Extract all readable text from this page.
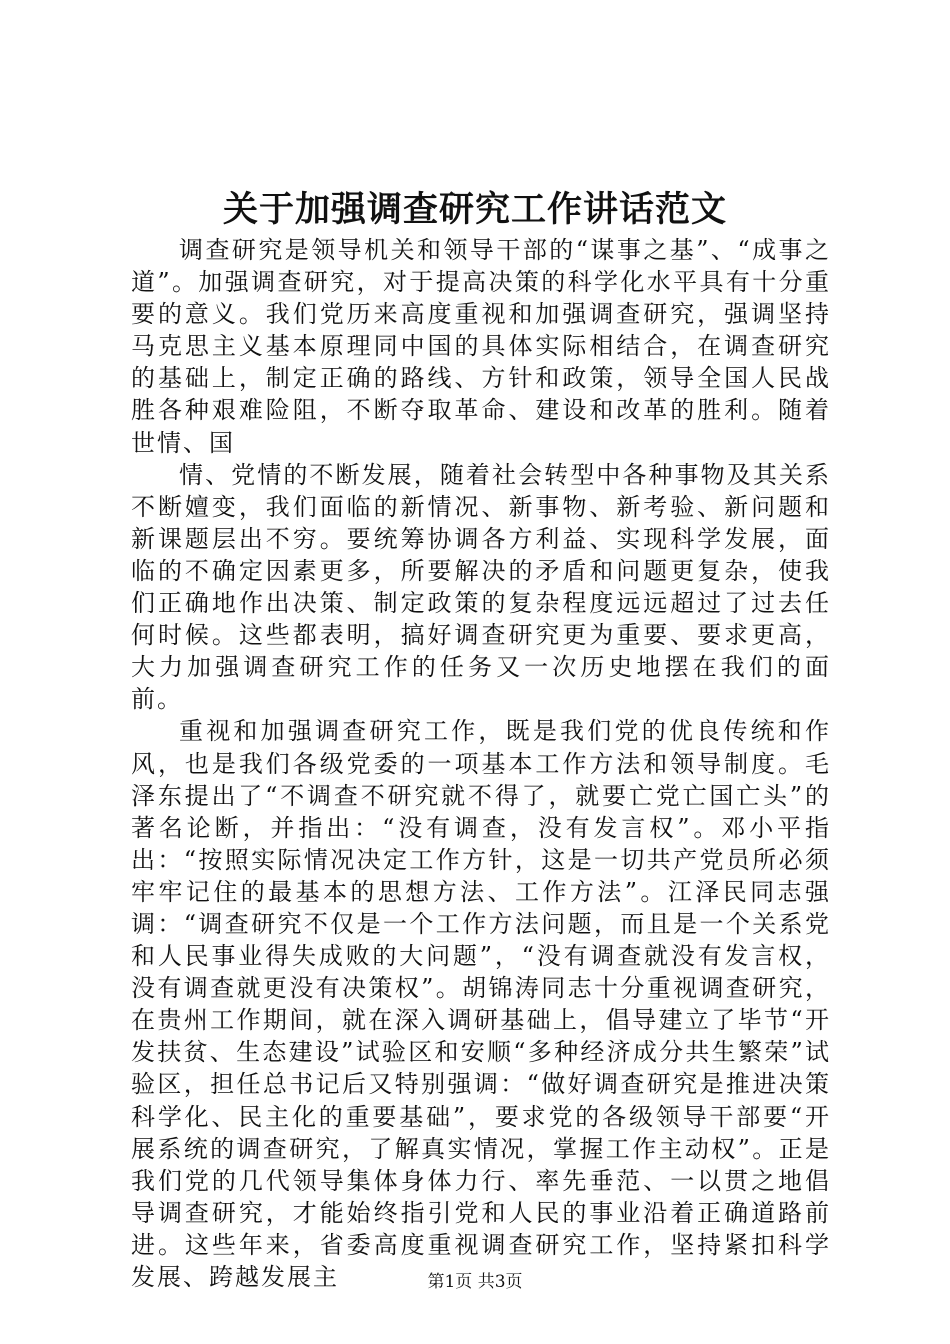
关于加强调查研究工作讲话范文

调查研究是领导机关和领导干部的“谋事之基”、“成事之道”。加强调查研究，对于提高决策的科学化水平具有十分重要的意义。我们党历来高度重视和加强调查研究，强调坚持马克思主义基本原理同中国的具体实际相结合，在调查研究的基础上，制定正确的路线、方针和政策，领导全国人民战胜各种艰难险阻，不断夺取革命、建设和改革的胜利。随着世情、国

情、党情的不断发展，随着社会转型中各种事物及其关系不断嬗变，我们面临的新情况、新事物、新考验、新问题和新课题层出不穷。要统筹协调各方利益、实现科学发展，面临的不确定因素更多，所要解决的矛盾和问题更复杂，使我们正确地作出决策、制定政策的复杂程度远远超过了过去任何时候。这些都表明，搞好调查研究更为重要、要求更高，大力加强调查研究工作的任务又一次历史地摆在我们的面前。

重视和加强调查研究工作，既是我们党的优良传统和作风，也是我们各级党委的一项基本工作方法和领导制度。毛泽东提出了“不调查不研究就不得了，就要亡党亡国亡头”的著名论断，并指出：“没有调查，没有发言权”。邓小平指出：“按照实际情况决定工作方针，这是一切共产党员所必须牢牢记住的最基本的思想方法、工作方法”。江泽民同志强调：“调查研究不仅是一个工作方法问题，而且是一个关系党和人民事业得失成败的大问题”，“没有调查就没有发言权，没有调查就更没有决策权”。胡锦涛同志十分重视调查研究，在贵州工作期间，就在深入调研基础上，倡导建立了毕节“开发扶贫、生态建设”试验区和安顺“多种经济成分共生繁荣”试验区，担任总书记后又特别强调：“做好调查研究是推进决策科学化、民主化的重要基础”，要求党的各级领导干部要“开展系统的调查研究，了解真实情况，掌握工作主动权”。正是我们党的几代领导集体身体力行、率先垂范、一以贯之地倡导调查研究，才能始终指引党和人民的事业沿着正确道路前进。这些年来，省委高度重视调查研究工作，坚持紧扣科学发展、跨越发展主	第1页 共3页
